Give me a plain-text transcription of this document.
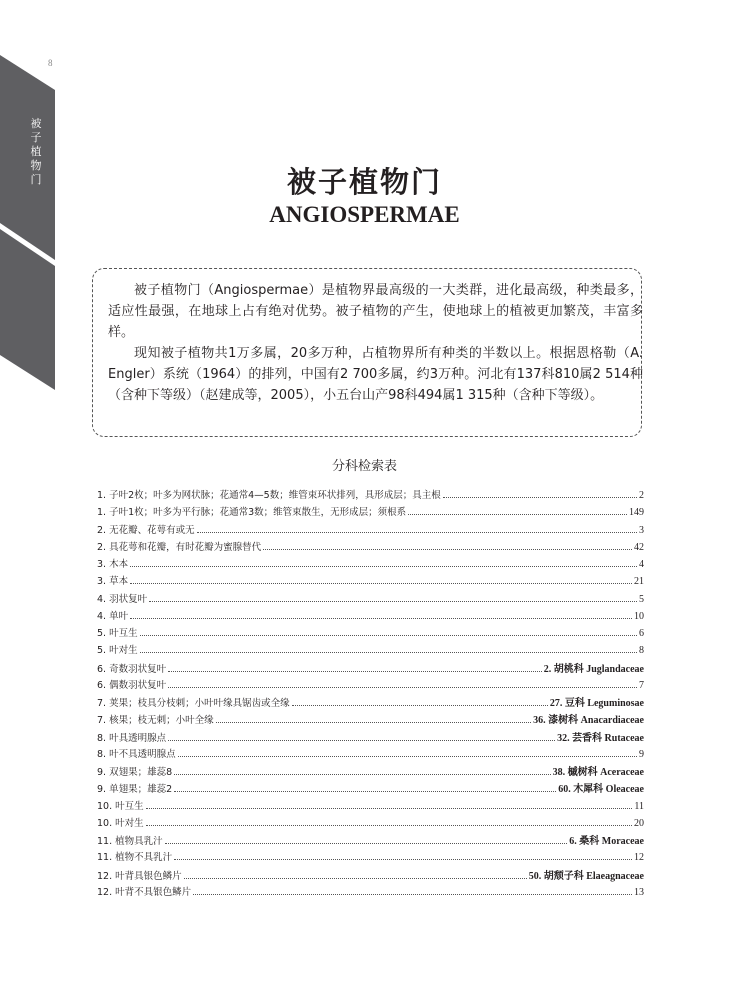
8
被子植物门	被子植物门
ANGIOSPERMAE

被子植物门（Angiospermae）是植物界最高级的一大类群，进化最高级，种类最多，适应性最强，在地球上占有绝对优势。被子植物的产生，使地球上的植被更加繁茂，丰富多样。

现知被子植物共1万多属，20多万种，占植物界所有种类的半数以上。根据恩格勒（A. Engler）系统（1964）的排列，中国有2 700多属，约3万种。河北有137科810属2 514种（含种下等级）（赵建成等，2005），小五台山产98科494属1 315种（含种下等级）。

分科检索表
1. 子叶2枚；叶多为网状脉；花通常4—5数；维管束环状排列，具形成层；具主根	2
1. 子叶1枚；叶多为平行脉；花通常3数；维管束散生，无形成层；须根系	149
2. 无花瓣、花萼有或无	3
2. 具花萼和花瓣，有时花瓣为蜜腺替代	42
3. 木本	4
3. 草本	21
4. 羽状复叶	5
4. 单叶	10
5. 叶互生	6
5. 叶对生	8
6. 奇数羽状复叶	2. 胡桃科 Juglandaceae
6. 偶数羽状复叶	7
7. 荚果；枝具分枝刺；小叶叶缘具锯齿或全缘	27. 豆科 Leguminosae
7. 核果；枝无刺；小叶全缘	36. 漆树科 Anacardiaceae
8. 叶具透明腺点	32. 芸香科 Rutaceae
8. 叶不具透明腺点	9
9. 双翅果；雄蕊8	38. 槭树科 Aceraceae
9. 单翅果；雄蕊2	60. 木犀科 Oleaceae
10. 叶互生	11
10. 叶对生	20
11. 植物具乳汁	6. 桑科 Moraceae
11. 植物不具乳汁	12
12. 叶背具银色鳞片	50. 胡颓子科 Elaeagnaceae
12. 叶背不具银色鳞片	13
